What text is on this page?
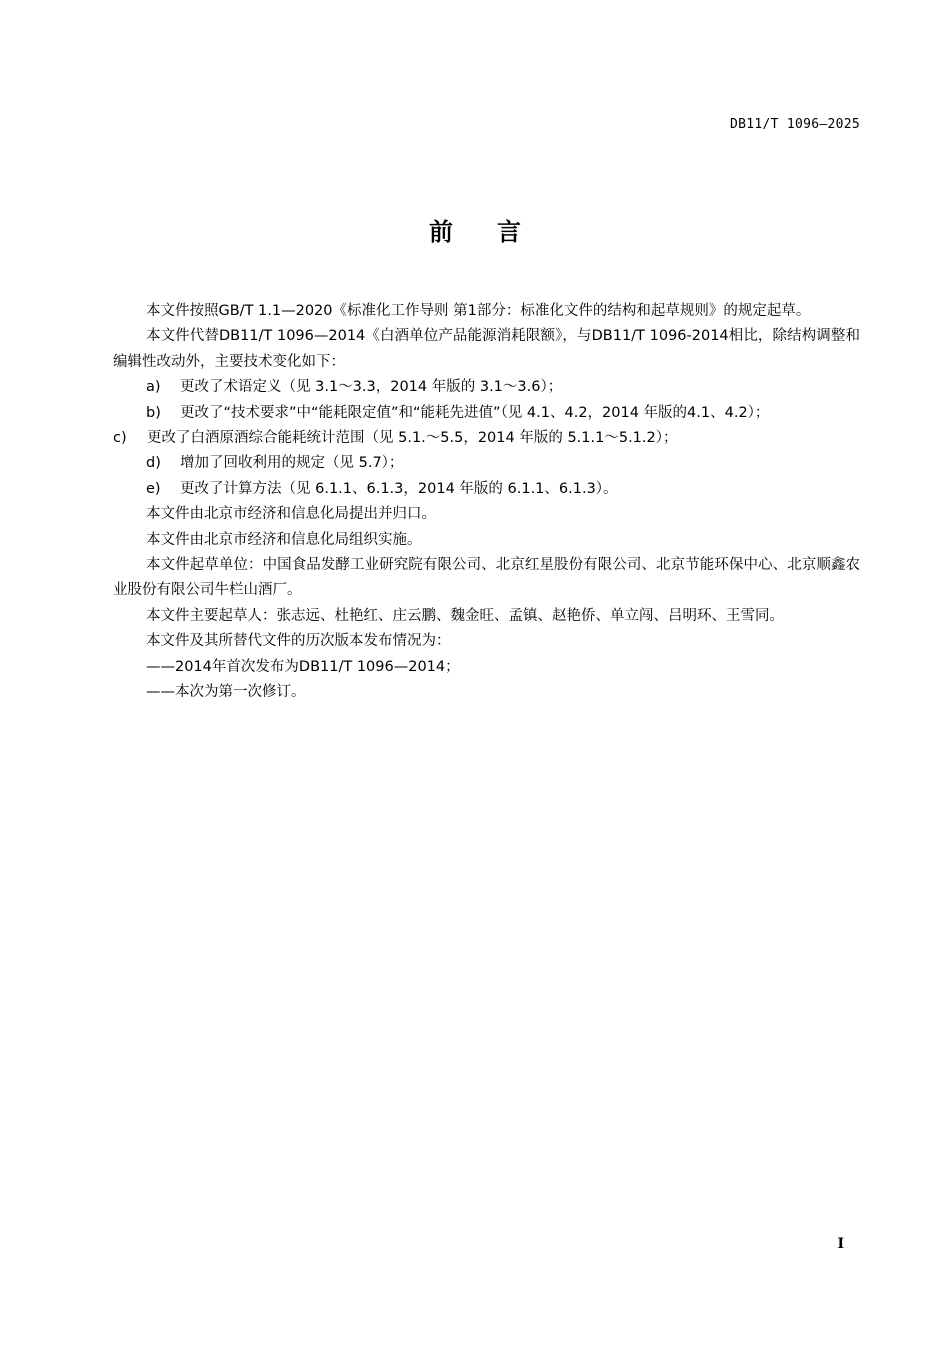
DB11/T 1096—2025
前言

本文件按照GB/T 1.1—2020《标准化工作导则 第1部分：标准化文件的结构和起草规则》的规定起草。

本文件代替DB11/T 1096—2014《白酒单位产品能源消耗限额》，与DB11/T 1096-2014相比，除结构调整和编辑性改动外，主要技术变化如下：

a) 更改了术语定义（见 3.1～3.3，2014 年版的 3.1～3.6）；

b) 更改了“技术要求”中“能耗限定值”和“能耗先进值”（见 4.1、4.2，2014 年版的4.1、4.2）；

c) 更改了白酒原酒综合能耗统计范围（见 5.1.～5.5，2014 年版的 5.1.1～5.1.2）；

d) 增加了回收利用的规定（见 5.7）；

e) 更改了计算方法（见 6.1.1、6.1.3，2014 年版的 6.1.1、6.1.3）。

本文件由北京市经济和信息化局提出并归口。

本文件由北京市经济和信息化局组织实施。

本文件起草单位：中国食品发酵工业研究院有限公司、北京红星股份有限公司、北京节能环保中心、北京顺鑫农业股份有限公司牛栏山酒厂。

本文件主要起草人：张志远、杜艳红、庄云鹏、魏金旺、孟镇、赵艳侨、单立闯、吕明环、王雪同。

本文件及其所替代文件的历次版本发布情况为：

——2014年首次发布为DB11/T 1096—2014；

——本次为第一次修订。

I
